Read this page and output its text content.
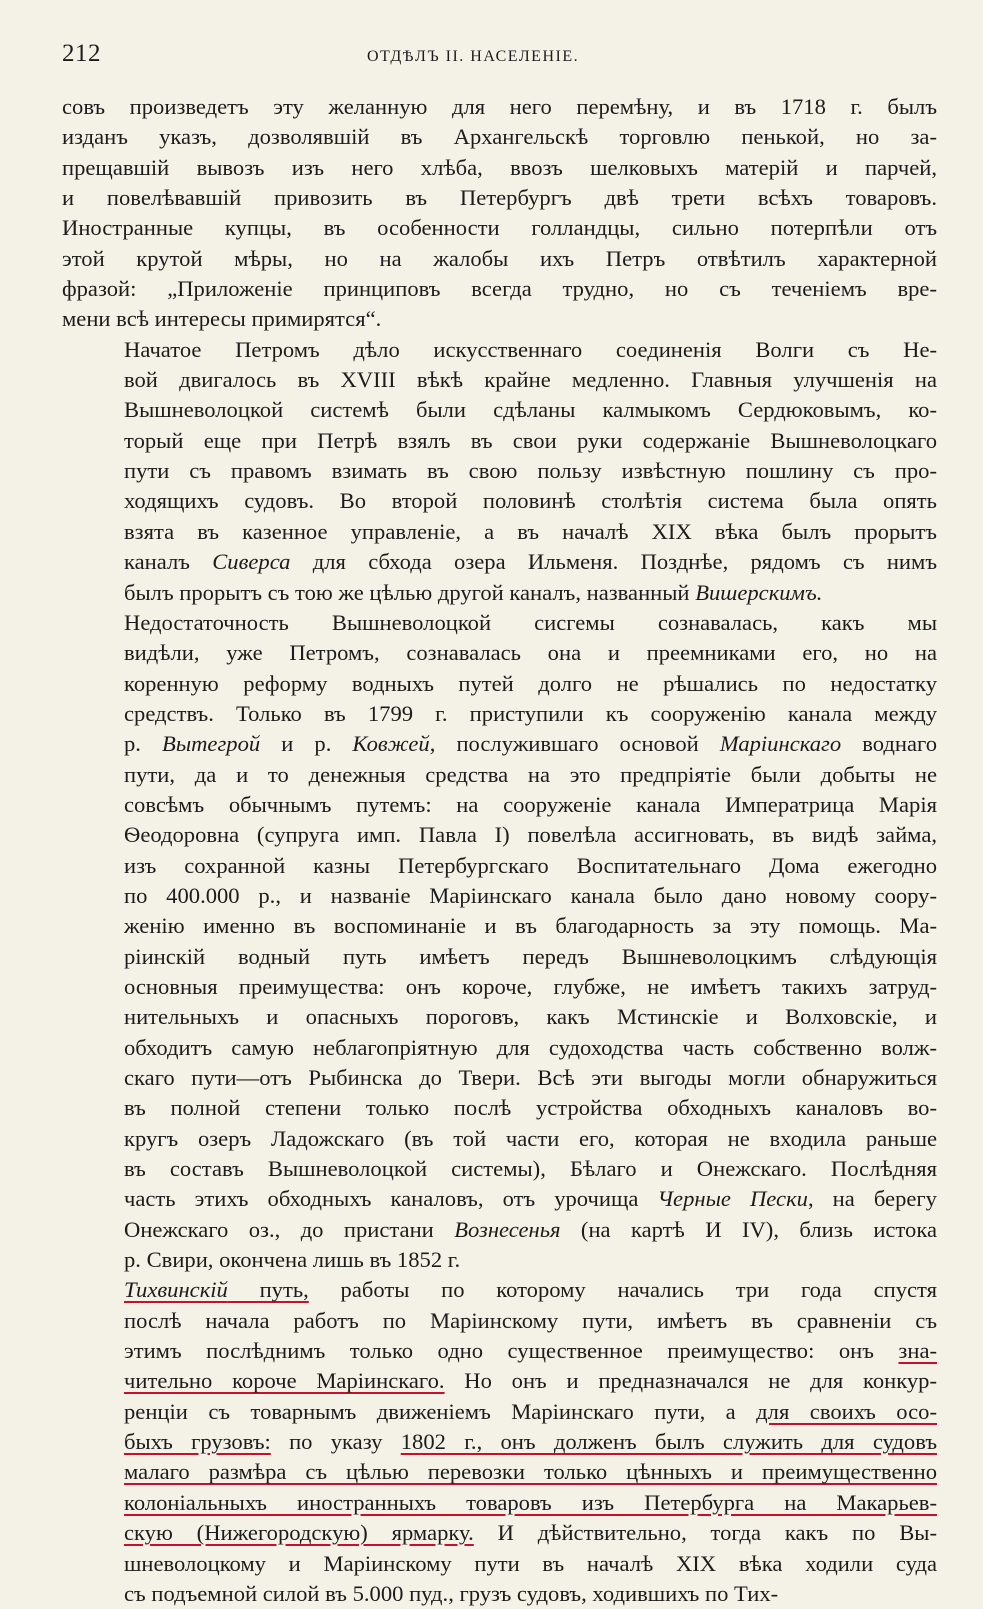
212	ОТДѢЛЪ II. НАСЕЛЕНІЕ.

совъ произведетъ эту желанную для него перемѣну, и въ 1718 г. былъ
изданъ указъ, дозволявшій въ Архангельскѣ торговлю пенькой, но за-
прещавшій вывозъ изъ него хлѣба, ввозъ шелковыхъ матерій и парчей,
и повелѣвавшій привозить въ Петербургъ двѣ трети всѣхъ товаровъ.
Иностранные купцы, въ особенности голландцы, сильно потерпѣли отъ
этой крутой мѣры, но на жалобы ихъ Петръ отвѣтилъ характерной
фразой: „Приложеніе принциповъ всегда трудно, но съ теченіемъ вре-
мени всѣ интересы примирятся“.

Начатое Петромъ дѣло искусственнаго соединенія Волги съ Не-
вой двигалось въ XVIII вѣкѣ крайне медленно. Главныя улучшенія на
Вышневолоцкой системѣ были сдѣланы калмыкомъ Сердюковымъ, ко-
торый еще при Петрѣ взялъ въ свои руки содержаніе Вышневолоцкаго
пути съ правомъ взимать въ свою пользу извѣстную пошлину съ про-
ходящихъ судовъ. Во второй половинѣ столѣтія система была опять
взята въ казенное управленіе, а въ началѣ XIX вѣка былъ прорытъ
каналъ Сиверса для сбхода озера Ильменя. Позднѣе, рядомъ съ нимъ
былъ прорытъ съ тою же цѣлью другой каналъ, названный Вишерскимъ.

Недостаточность Вышневолоцкой сисгемы сознавалась, какъ мы
видѣли, уже Петромъ, сознавалась она и преемниками его, но на
коренную реформу водныхъ путей долго не рѣшались по недостатку
средствъ. Только въ 1799 г. приступили къ сооруженію канала между
р. Вытегрой и р. Ковжей, послужившаго основой Маріинскаго воднаго
пути, да и то денежныя средства на это предпріятіе были добыты не
совсѣмъ обычнымъ путемъ: на сооруженіе канала Императрица Марія
Ѳеодоровна (супруга имп. Павла I) повелѣла ассигновать, въ видѣ займа,
изъ сохранной казны Петербургскаго Воспитательнаго Дома ежегодно
по 400.000 р., и названіе Маріинскаго канала было дано новому соору-
женію именно въ воспоминаніе и въ благодарность за эту помощь. Ма-
ріинскій водный путь имѣетъ передъ Вышневолоцкимъ слѣдующія
основныя преимущества: онъ короче, глубже, не имѣетъ такихъ затруд-
нительныхъ и опасныхъ пороговъ, какъ Мстинскіе и Волховскіе, и
обходитъ самую неблагопріятную для судоходства часть собственно волж-
скаго пути—отъ Рыбинска до Твери. Всѣ эти выгоды могли обнаружиться
въ полной степени только послѣ устройства обходныхъ каналовъ во-
кругъ озеръ Ладожскаго (въ той части его, которая не входила раньше
въ составъ Вышневолоцкой системы), Бѣлаго и Онежскаго. Послѣдняя
часть этихъ обходныхъ каналовъ, отъ урочища Черные Пески, на берегу
Онежскаго оз., до пристани Вознесенья (на картѣ И IV), близь истока
р. Свири, окончена лишь въ 1852 г.

Тихвинскій путь, работы по которому начались три года спустя
послѣ начала работъ по Маріинскому пути, имѣетъ въ сравненіи съ
этимъ послѣднимъ только одно существенное преимущество: онъ зна-
чительно короче Маріинскаго. Но онъ и предназначался не для конкур-
ренціи съ товарнымъ движеніемъ Маріинскаго пути, а для своихъ осо-
быхъ грузовъ: по указу 1802 г., онъ долженъ былъ служить для судовъ
малаго размѣра съ цѣлью перевозки только цѣнныхъ и преимущественно
колоніальныхъ иностранныхъ товаровъ изъ Петербурга на Макарьев-
скую (Нижегородскую) ярмарку. И дѣйствительно, тогда какъ по Вы-
шневолоцкому и Маріинскому пути въ началѣ XIX вѣка ходили суда
съ подъемной силой въ 5.000 пуд., грузъ судовъ, ходившихъ по Тих-
